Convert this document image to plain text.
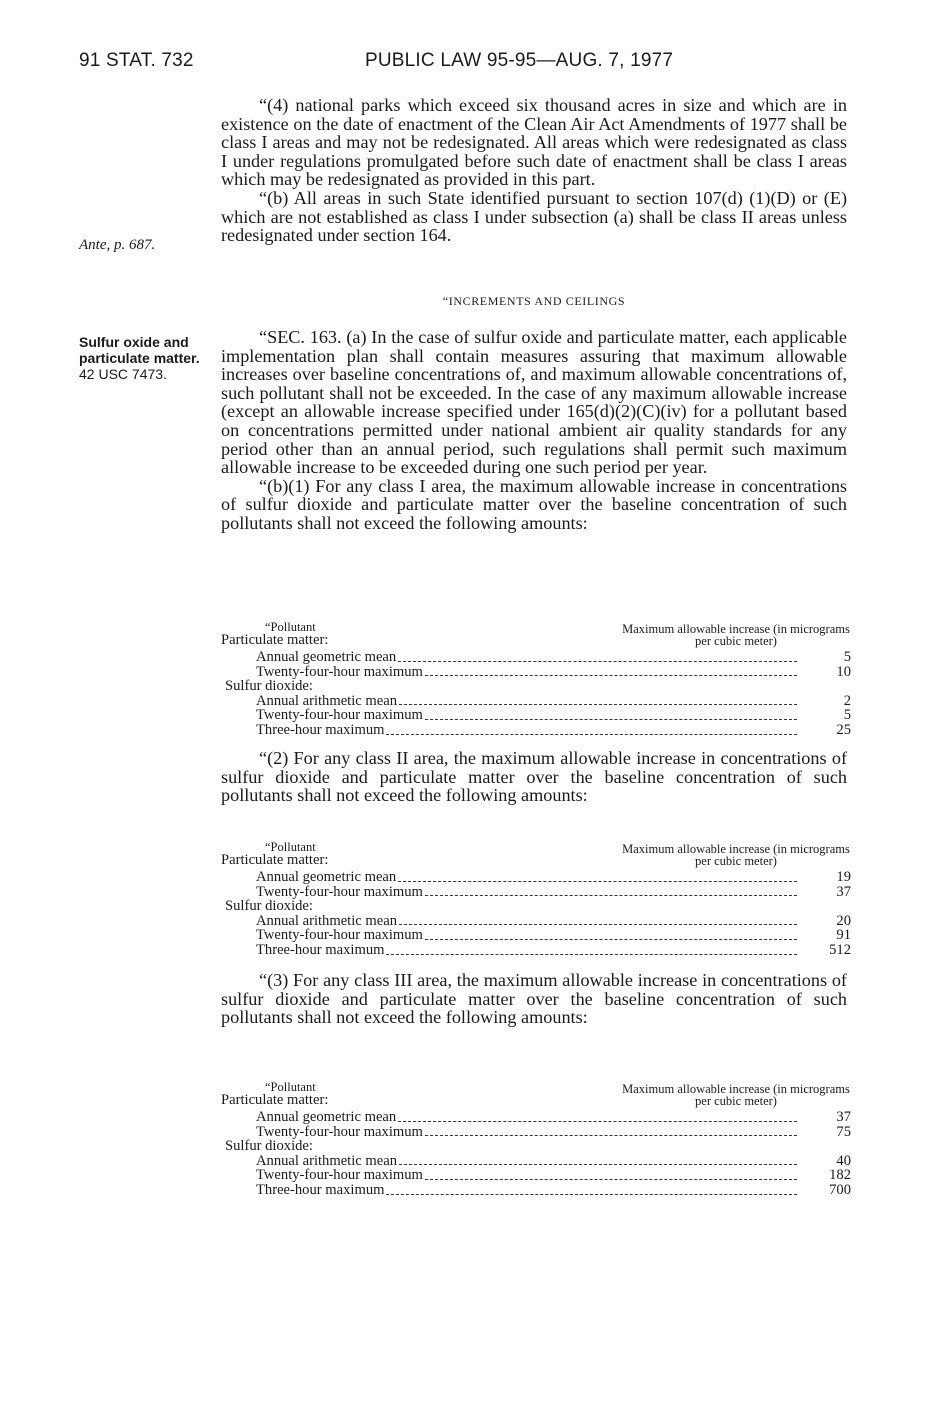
91 STAT. 732	PUBLIC LAW 95-95—AUG. 7, 1977

“(4) national parks which exceed six thousand acres in size and which are in existence on the date of enactment of the Clean Air Act Amendments of 1977 shall be class I areas and may not be redesignated. All areas which were redesignated as class I under regulations promulgated before such date of enactment shall be class I areas which may be redesignated as provided in this part.

“(b) All areas in such State identified pursuant to section 107(d) (1)(D) or (E) which are not established as class I under subsection (a) shall be class II areas unless redesignated under section 164.

Ante, p. 687.
“INCREMENTS AND CEILINGS
Sulfur oxide and particulate matter.
42 USC 7473.

“SEC. 163. (a) In the case of sulfur oxide and particulate matter, each applicable implementation plan shall contain measures assuring that maximum allowable increases over baseline concentrations of, and maximum allowable concentrations of, such pollutant shall not be exceeded. In the case of any maximum allowable increase (except an allowable increase specified under 165(d)(2)(C)(iv) for a pollutant based on concentrations permitted under national ambient air quality standards for any period other than an annual period, such regulations shall permit such maximum allowable increase to be exceeded during one such period per year.

“(b)(1) For any class I area, the maximum allowable increase in concentrations of sulfur dioxide and particulate matter over the baseline concentration of such pollutants shall not exceed the following amounts:

“Pollutant
Particulate matter:
Maximum allowable increase (in micrograms per cubic meter)
Annual geometric mean	5
Twenty-four-hour maximum	10
Sulfur dioxide:
Annual arithmetic mean	2
Twenty-four-hour maximum	5
Three-hour maximum	25

“(2) For any class II area, the maximum allowable increase in concentrations of sulfur dioxide and particulate matter over the baseline concentration of such pollutants shall not exceed the following amounts:

“Pollutant
Particulate matter:
Maximum allowable increase (in micrograms per cubic meter)
Annual geometric mean	19
Twenty-four-hour maximum	37
Sulfur dioxide:
Annual arithmetic mean	20
Twenty-four-hour maximum	91
Three-hour maximum	512

“(3) For any class III area, the maximum allowable increase in concentrations of sulfur dioxide and particulate matter over the baseline concentration of such pollutants shall not exceed the following amounts:

“Pollutant
Particulate matter:
Maximum allowable increase (in micrograms per cubic meter)
Annual geometric mean	37
Twenty-four-hour maximum	75
Sulfur dioxide:
Annual arithmetic mean	40
Twenty-four-hour maximum	182
Three-hour maximum	700
